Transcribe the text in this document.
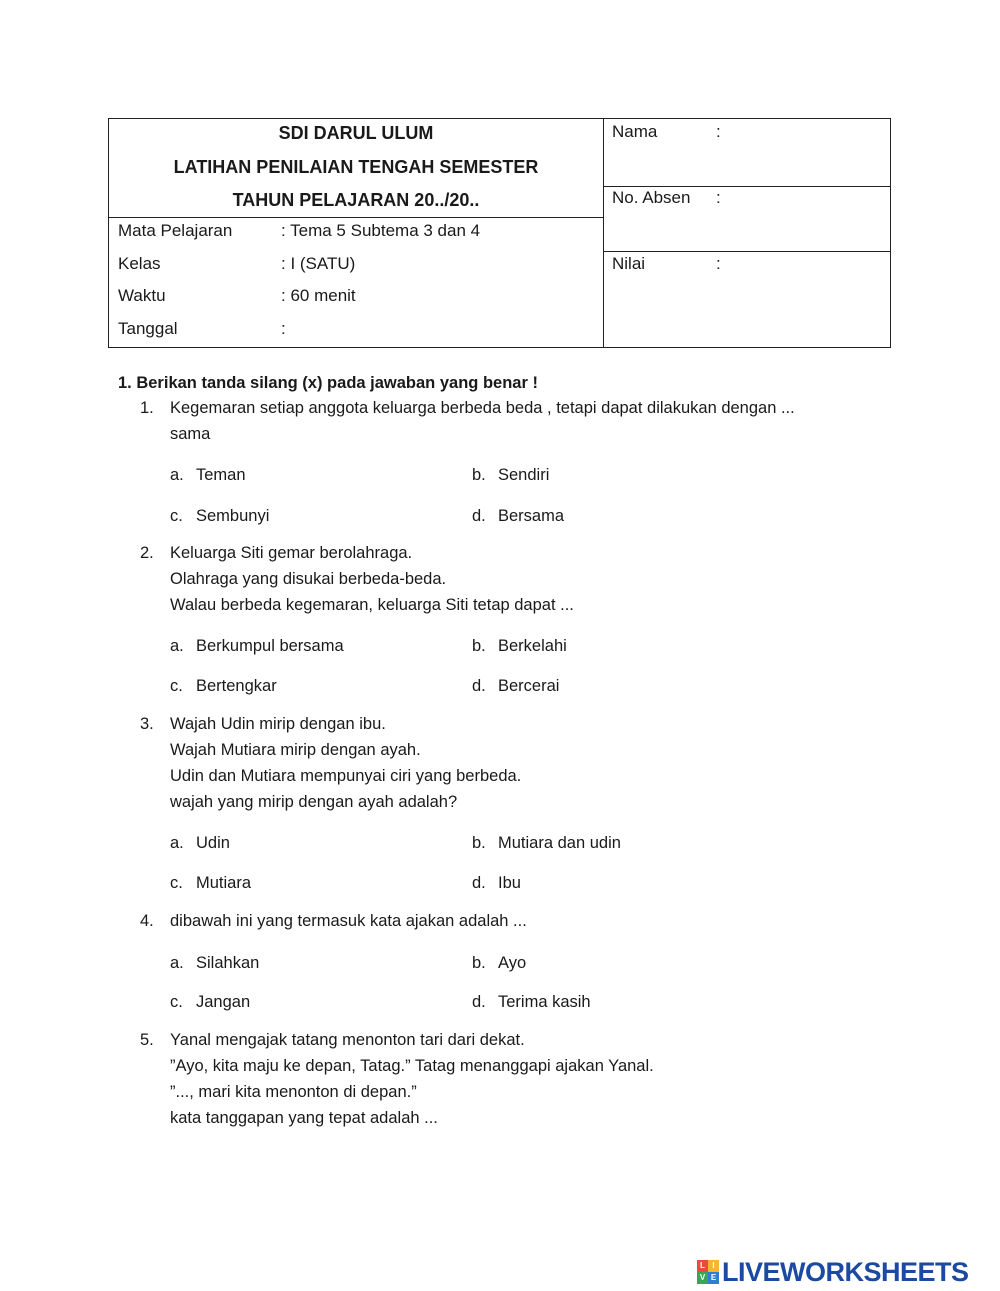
SDI DARUL ULUM
LATIHAN PENILAIAN TENGAH SEMESTER
TAHUN PELAJARAN 20../20..
Mata Pelajaran	: Tema 5 Subtema 3 dan 4
Kelas	: I (SATU)
Waktu	: 60 menit
Tanggal	:
Nama	:
No. Absen :
Nilai	:
1. Berikan tanda silang (x) pada jawaban yang benar !
1. Kegemaran setiap anggota keluarga berbeda beda , tetapi dapat dilakukan dengan ...
sama
a. Teman	b. Sendiri
c. Sembunyi	d. Bersama
2. Keluarga Siti gemar berolahraga.
Olahraga yang disukai berbeda-beda.
Walau berbeda kegemaran, keluarga Siti tetap dapat ...
a. Berkumpul bersama	b. Berkelahi
c. Bertengkar	d. Bercerai
3. Wajah Udin mirip dengan ibu.
Wajah Mutiara mirip dengan ayah.
Udin dan Mutiara mempunyai ciri yang berbeda.
wajah yang mirip dengan ayah adalah?
a. Udin	b. Mutiara dan udin
c. Mutiara	d. Ibu
4. dibawah ini yang termasuk kata ajakan adalah ...
a. Silahkan	b. Ayo
c. Jangan	d. Terima kasih
5. Yanal mengajak tatang menonton tari dari dekat.
”Ayo, kita maju ke depan, Tatag.” Tatag menanggapi ajakan Yanal.
”..., mari kita menonton di depan.”
kata tanggapan yang tepat adalah ...
L I
V E LIVEWORKSHEETS
